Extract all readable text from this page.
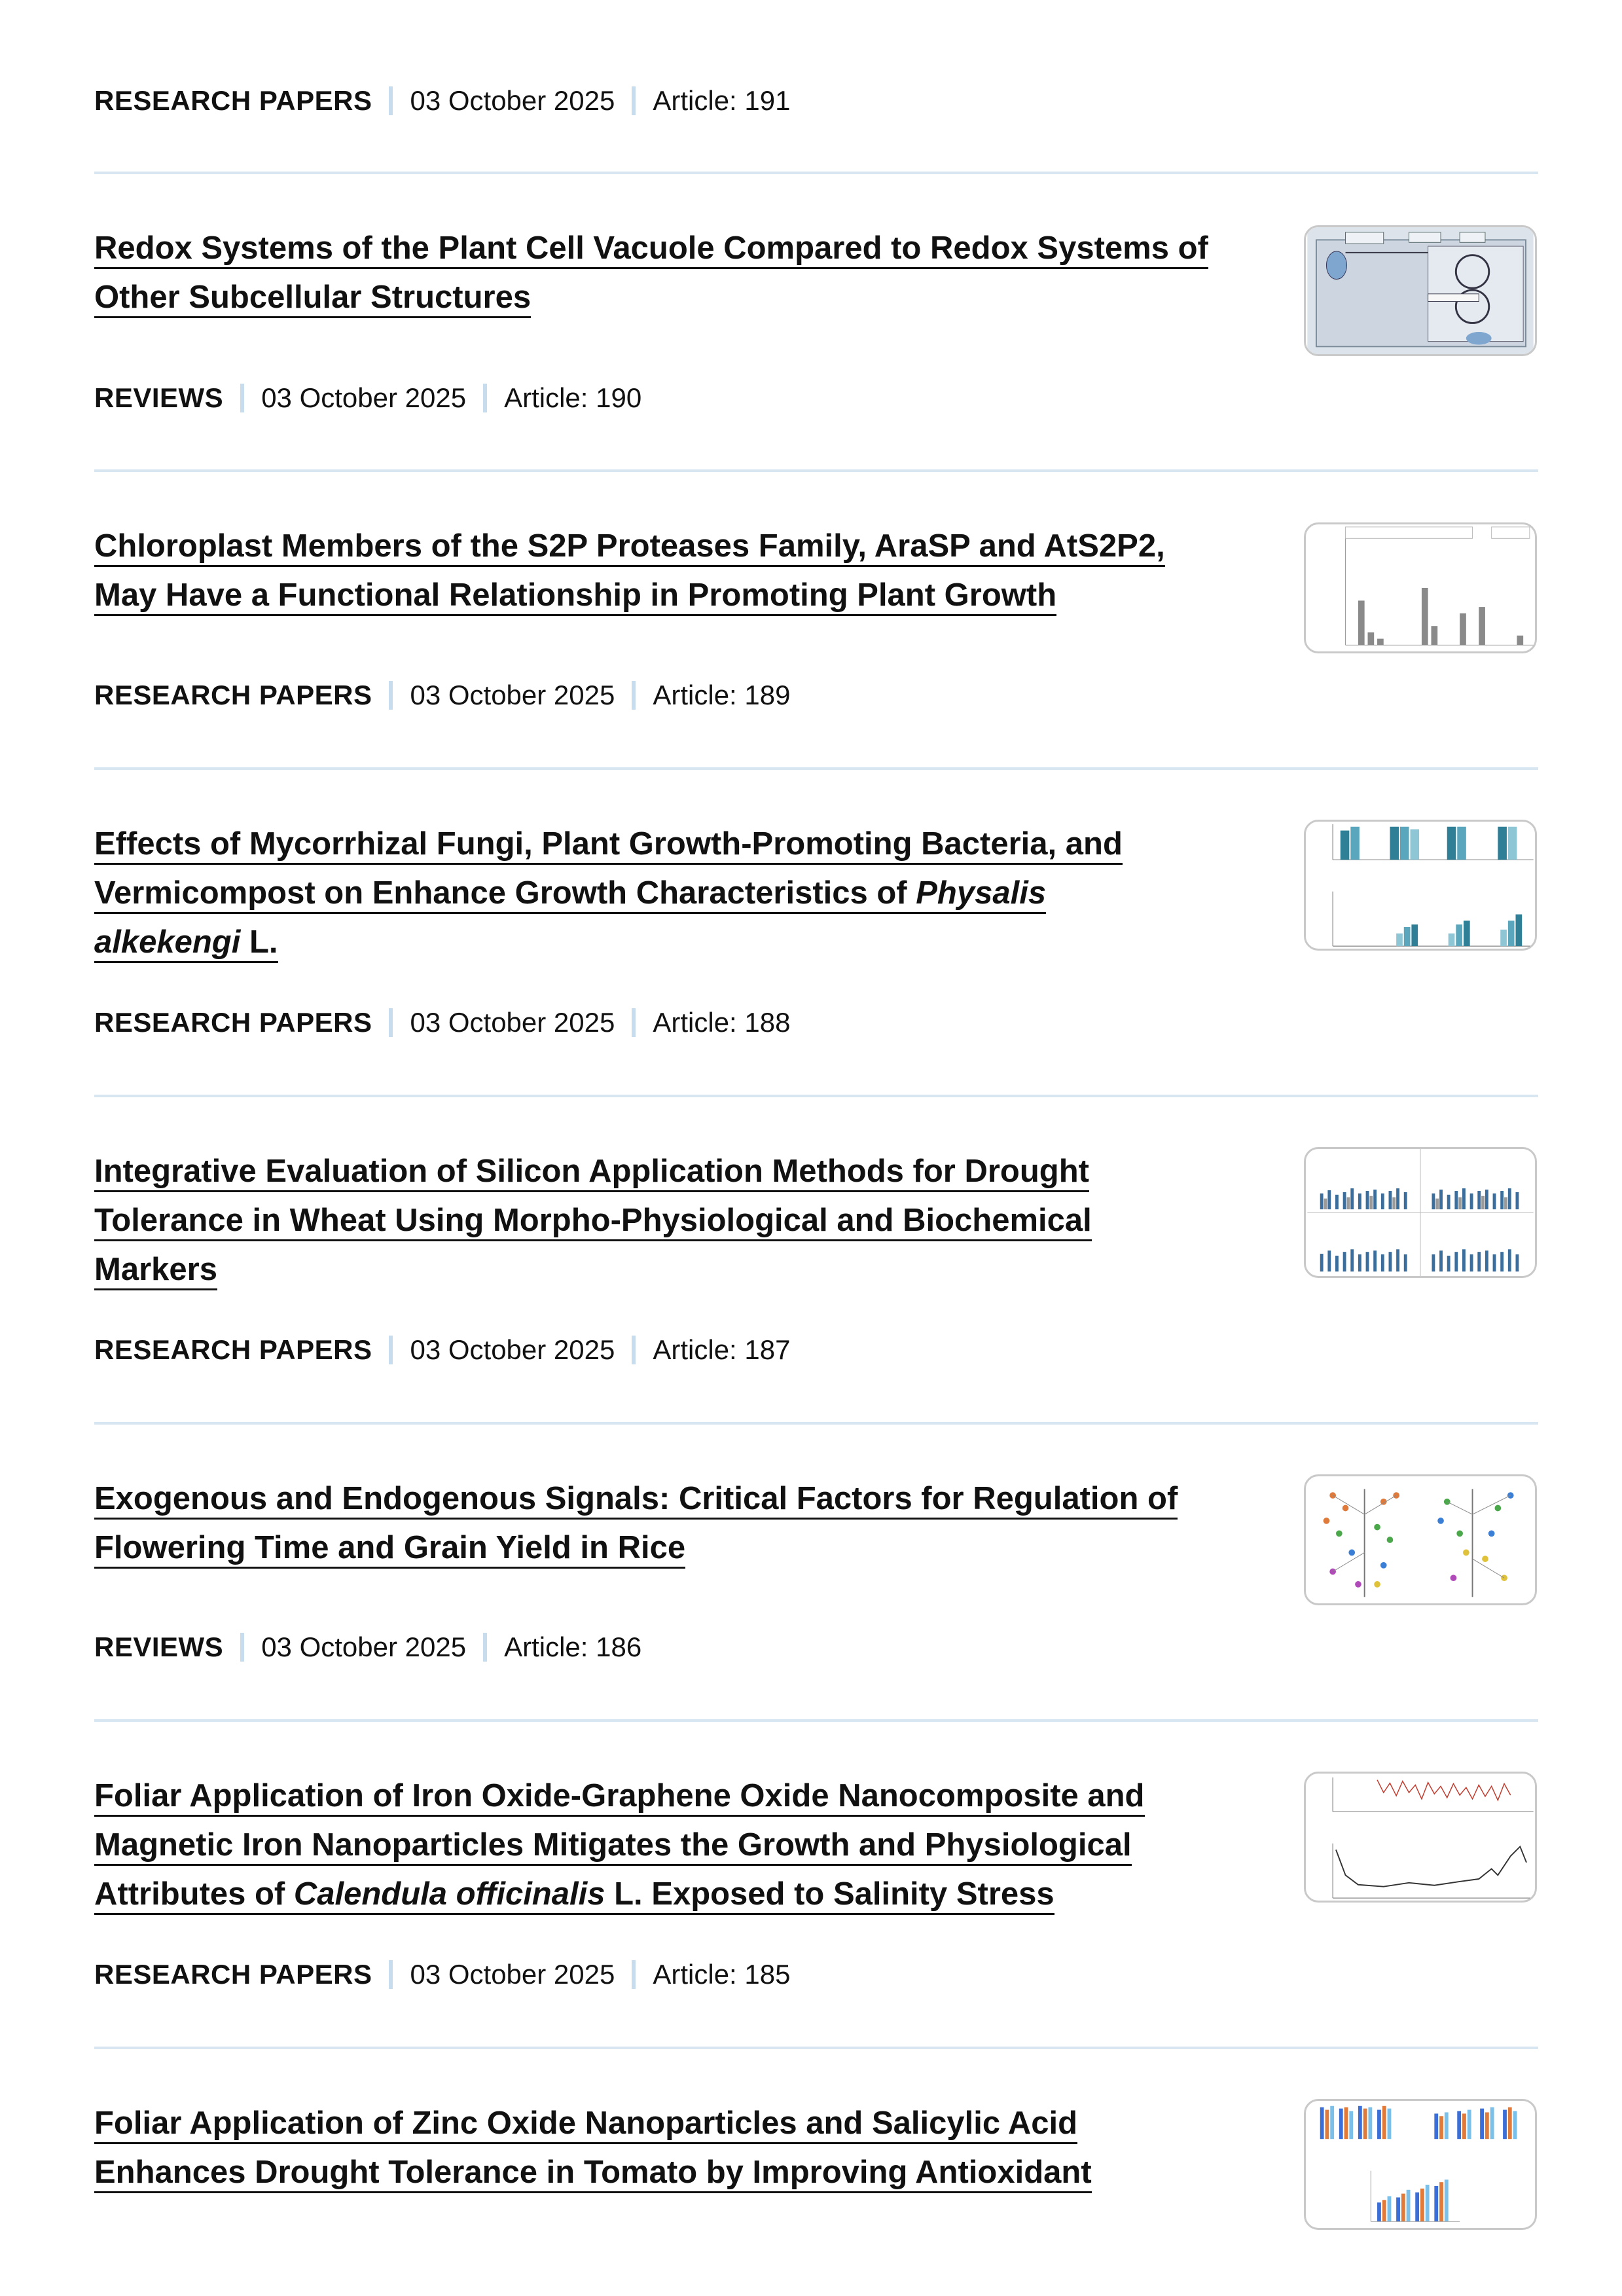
RESEARCH PAPERS 03 October 2025 Article: 191
Redox Systems of the Plant Cell Vacuole Compared to Redox Systems of
Other Subcellular Structures
REVIEWS 03 October 2025 Article: 190
Chloroplast Members of the S2P Proteases Family, AraSP and AtS2P2,
May Have a Functional Relationship in Promoting Plant Growth
RESEARCH PAPERS 03 October 2025 Article: 189
Effects of Mycorrhizal Fungi, Plant Growth-Promoting Bacteria, and
Vermicompost on Enhance Growth Characteristics of Physalis
alkekengi L.
RESEARCH PAPERS 03 October 2025 Article: 188
Integrative Evaluation of Silicon Application Methods for Drought
Tolerance in Wheat Using Morpho-Physiological and Biochemical
Markers
RESEARCH PAPERS 03 October 2025 Article: 187
Exogenous and Endogenous Signals: Critical Factors for Regulation of
Flowering Time and Grain Yield in Rice
REVIEWS 03 October 2025 Article: 186
Foliar Application of Iron Oxide-Graphene Oxide Nanocomposite and
Magnetic Iron Nanoparticles Mitigates the Growth and Physiological
Attributes of Calendula officinalis L. Exposed to Salinity Stress
RESEARCH PAPERS 03 October 2025 Article: 185
Foliar Application of Zinc Oxide Nanoparticles and Salicylic Acid
Enhances Drought Tolerance in Tomato by Improving Antioxidant
